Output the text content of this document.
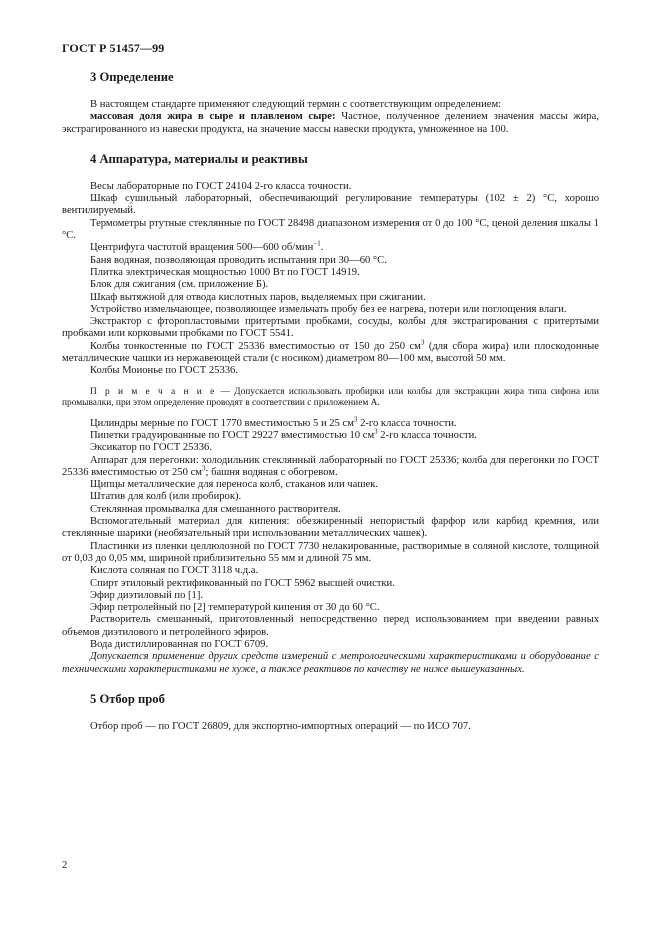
ГОСТ Р 51457—99
3 Определение

В настоящем стандарте применяют следующий термин с соответствующим определением:

массовая доля жира в сыре и плавленом сыре: Частное, полученное делением значения массы жира, экстрагированного из навески продукта, на значение массы навески продукта, умноженное на 100.

4 Аппаратура, материалы и реактивы

Весы лабораторные по ГОСТ 24104 2-го класса точности.

Шкаф сушильный лабораторный, обеспечивающий регулирование температуры (102 ± 2) °С, хорошо вентилируемый.

Термометры ртутные стеклянные по ГОСТ 28498 диапазоном измерения от 0 до 100 °С, ценой деления шкалы 1 °С.

Центрифуга частотой вращения 500—600 об/мин$^{-1}$.

Баня водяная, позволяющая проводить испытания при 30—60 °С.

Плитка электрическая мощностью 1000 Вт по ГОСТ 14919.

Блок для сжигания (см. приложение Б).

Шкаф вытяжной для отвода кислотных паров, выделяемых при сжигании.

Устройство измельчающее, позволяющее измельчать пробу без ее нагрева, потери или поглощения влаги.

Экстрактор с фторопластовыми притертыми пробками, сосуды, колбы для экстрагирования с притертыми пробками или корковыми пробками по ГОСТ 5541.

Колбы тонкостенные по ГОСТ 25336 вместимостью от 150 до 250 $см^3$ (для сбора жира) или плоскодонные металлические чашки из нержавеющей стали (с носиком) диаметром 80—100 мм, высотой 50 мм.

Колбы Моионье по ГОСТ 25336.

П р и м е ч а н и е — Допускается использовать пробирки или колбы для экстракции жира типа сифона или промывалки, при этом определение проводят в соответствии с приложением А.

Цилиндры мерные по ГОСТ 1770 вместимостью 5 и 25 $см^3$ 2-го класса точности.

Пипетки градуированные по ГОСТ 29227 вместимостью 10 $см^3$ 2-го класса точности.

Эксикатор по ГОСТ 25336.

Аппарат для перегонки: холодильник стеклянный лабораторный по ГОСТ 25336; колба для перегонки по ГОСТ 25336 вместимостью от 250 $см^3$; башня водяная с обогревом.

Щипцы металлические для переноса колб, стаканов или чашек.

Штатив для колб (или пробирок).

Стеклянная промывалка для смешанного растворителя.

Вспомогательный материал для кипения: обезжиренный непористый фарфор или карбид кремния, или стеклянные шарики (необязательный при использовании металлических чашек).

Пластинки из пленки целлюлозной по ГОСТ 7730 нелакированные, растворимые в соляной кислоте, толщиной от 0,03 до 0,05 мм, шириной приблизительно 55 мм и длиной 75 мм.

Кислота соляная по ГОСТ 3118 ч.д.а.

Спирт этиловый ректификованный по ГОСТ 5962 высшей очистки.

Эфир диэтиловый по [1].

Эфир петролейный по [2] температурой кипения от 30 до 60 °С.

Растворитель смешанный, приготовленный непосредственно перед использованием при введении равных объемов диэтилового и петролейного эфиров.

Вода дистиллированная по ГОСТ 6709.

Допускается применение других средств измерений с метрологическими характеристиками и оборудование с техническими характеристиками не хуже, а также реактивов по качеству не ниже вышеуказанных.

5 Отбор проб

Отбор проб — по ГОСТ 26809, для экспортно-импортных операций — по ИСО 707.

2
